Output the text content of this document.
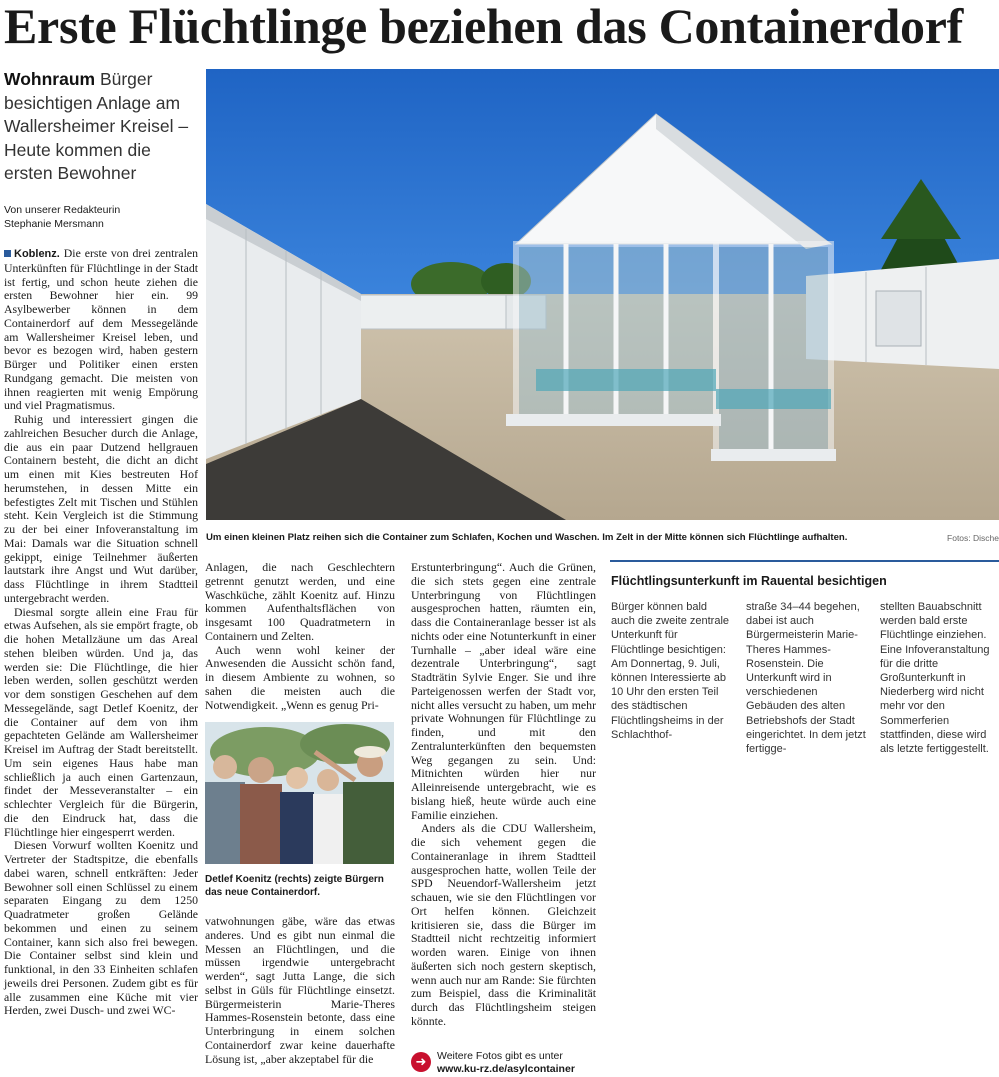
Erste Flüchtlinge beziehen das Containerdorf
Wohnraum Bürger besichtigen Anlage am Wallersheimer Kreisel – Heute kommen die ersten Bewohner
Von unserer Redakteurin
Stephanie Mersmann

Koblenz. Die erste von drei zentralen Unterkünften für Flüchtlinge in der Stadt ist fertig, und schon heute ziehen die ersten Bewohner hier ein. 99 Asylbewerber können in dem Containerdorf auf dem Messegelände am Wallersheimer Kreisel leben, und bevor es bezogen wird, haben gestern Bürger und Politiker einen ersten Rundgang gemacht. Die meisten von ihnen reagierten mit wenig Empörung und viel Pragmatismus.

Ruhig und interessiert gingen die zahlreichen Besucher durch die Anlage, die aus ein paar Dutzend hellgrauen Containern besteht, die dicht an dicht um einen mit Kies bestreuten Hof herumstehen, in dessen Mitte ein befestigtes Zelt mit Tischen und Stühlen steht. Kein Vergleich ist die Stimmung zu der bei einer Infoveranstaltung im Mai: Damals war die Situation schnell gekippt, einige Teilnehmer äußerten lautstark ihre Angst und Wut darüber, dass Flüchtlinge in ihrem Stadtteil untergebracht werden.

Diesmal sorgte allein eine Frau für etwas Aufsehen, als sie empört fragte, ob die hohen Metallzäune um das Areal stehen bleiben würden. Und ja, das werden sie: Die Flüchtlinge, die hier leben werden, sollen geschützt werden vor dem sonstigen Geschehen auf dem Messegelände, sagt Detlef Koenitz, der die Container auf dem von ihm gepachteten Gelände am Wallersheimer Kreisel im Auftrag der Stadt bereitstellt. Um sein eigenes Haus habe man schließlich ja auch einen Gartenzaun, findet der Messeveranstalter – ein schlechter Vergleich für die Bürgerin, die den Eindruck hat, dass die Flüchtlinge hier eingesperrt werden.

Diesen Vorwurf wollten Koenitz und Vertreter der Stadtspitze, die ebenfalls dabei waren, schnell entkräften: Jeder Bewohner soll einen Schlüssel zu einem separaten Eingang zu dem 1250 Quadratmeter großen Gelände bekommen und einen zu seinem Container, kann sich also frei bewegen. Die Container selbst sind klein und funktional, in den 33 Einheiten schlafen jeweils drei Personen. Zudem gibt es für alle zusammen eine Küche mit vier Herden, zwei Dusch- und zwei WC-

Um einen kleinen Platz reihen sich die Container zum Schlafen, Kochen und Waschen. Im Zelt in der Mitte können sich Flüchtlinge aufhalten.	Fotos: Dische

Anlagen, die nach Geschlechtern getrennt genutzt werden, und eine Waschküche, zählt Koenitz auf. Hinzu kommen Aufenthaltsflächen von insgesamt 100 Quadratmetern in Containern und Zelten.

Auch wenn wohl keiner der Anwesenden die Aussicht schön fand, in diesem Ambiente zu wohnen, so sahen die meisten auch die Notwendigkeit. „Wenn es genug Pri-

Detlef Koenitz (rechts) zeigte Bürgern das neue Containerdorf.

vatwohnungen gäbe, wäre das etwas anderes. Und es gibt nun einmal die Messen an Flüchtlingen, und die müssen irgendwie untergebracht werden“, sagt Jutta Lange, die sich selbst in Güls für Flüchtlinge einsetzt. Bürgermeisterin Marie-Theres Hammes-Rosenstein betonte, dass eine Unterbringung in einem solchen Containerdorf zwar keine dauerhafte Lösung ist, „aber akzeptabel für die

Erstunterbringung“. Auch die Grünen, die sich stets gegen eine zentrale Unterbringung von Flüchtlingen ausgesprochen hatten, räumten ein, dass die Containeranlage besser ist als nichts oder eine Notunterkunft in einer Turnhalle – „aber ideal wäre eine dezentrale Unterbringung“, sagt Stadträtin Sylvie Enger. Sie und ihre Parteigenossen werfen der Stadt vor, nicht alles versucht zu haben, um mehr private Wohnungen für Flüchtlinge zu finden, und mit den Zentralunterkünften den bequemsten Weg gegangen zu sein. Und: Mitnichten würden hier nur Alleinreisende untergebracht, wie es bislang hieß, heute würde auch eine Familie einziehen.

Anders als die CDU Wallersheim, die sich vehement gegen die Containeranlage in ihrem Stadtteil ausgesprochen hatte, wollen Teile der SPD Neuendorf-Wallersheim jetzt schauen, wie sie den Flüchtlingen vor Ort helfen können. Gleichzeit kritisieren sie, dass die Bürger im Stadtteil nicht rechtzeitig informiert worden waren. Einige von ihnen äußerten sich noch gestern skeptisch, wenn auch nur am Rande: Sie fürchten zum Beispiel, dass die Kriminalität durch das Flüchtlingsheim steigen könnte.

➜	Weitere Fotos gibt es unter
www.ku-rz.de/asylcontainer
Flüchtlingsunterkunft im Rauental besichtigen
Bürger können bald auch die zweite zentrale Unterkunft für Flüchtlinge besichtigen: Am Donnertag, 9. Juli, können Interessierte ab 10 Uhr den ersten Teil des städtischen Flüchtlingsheims in der Schlachthof-
straße 34–44 begehen, dabei ist auch Bürgermeisterin Marie-Theres Hammes-Rosenstein. Die Unterkunft wird in verschiedenen Gebäuden des alten Betriebshofs der Stadt eingerichtet. In dem jetzt fertigge-
stellten Bauabschnitt werden bald erste Flüchtlinge einziehen. Eine Infoveranstaltung für die dritte Großunterkunft in Niederberg wird nicht mehr vor den Sommerferien stattfinden, diese wird als letzte fertiggestellt.
